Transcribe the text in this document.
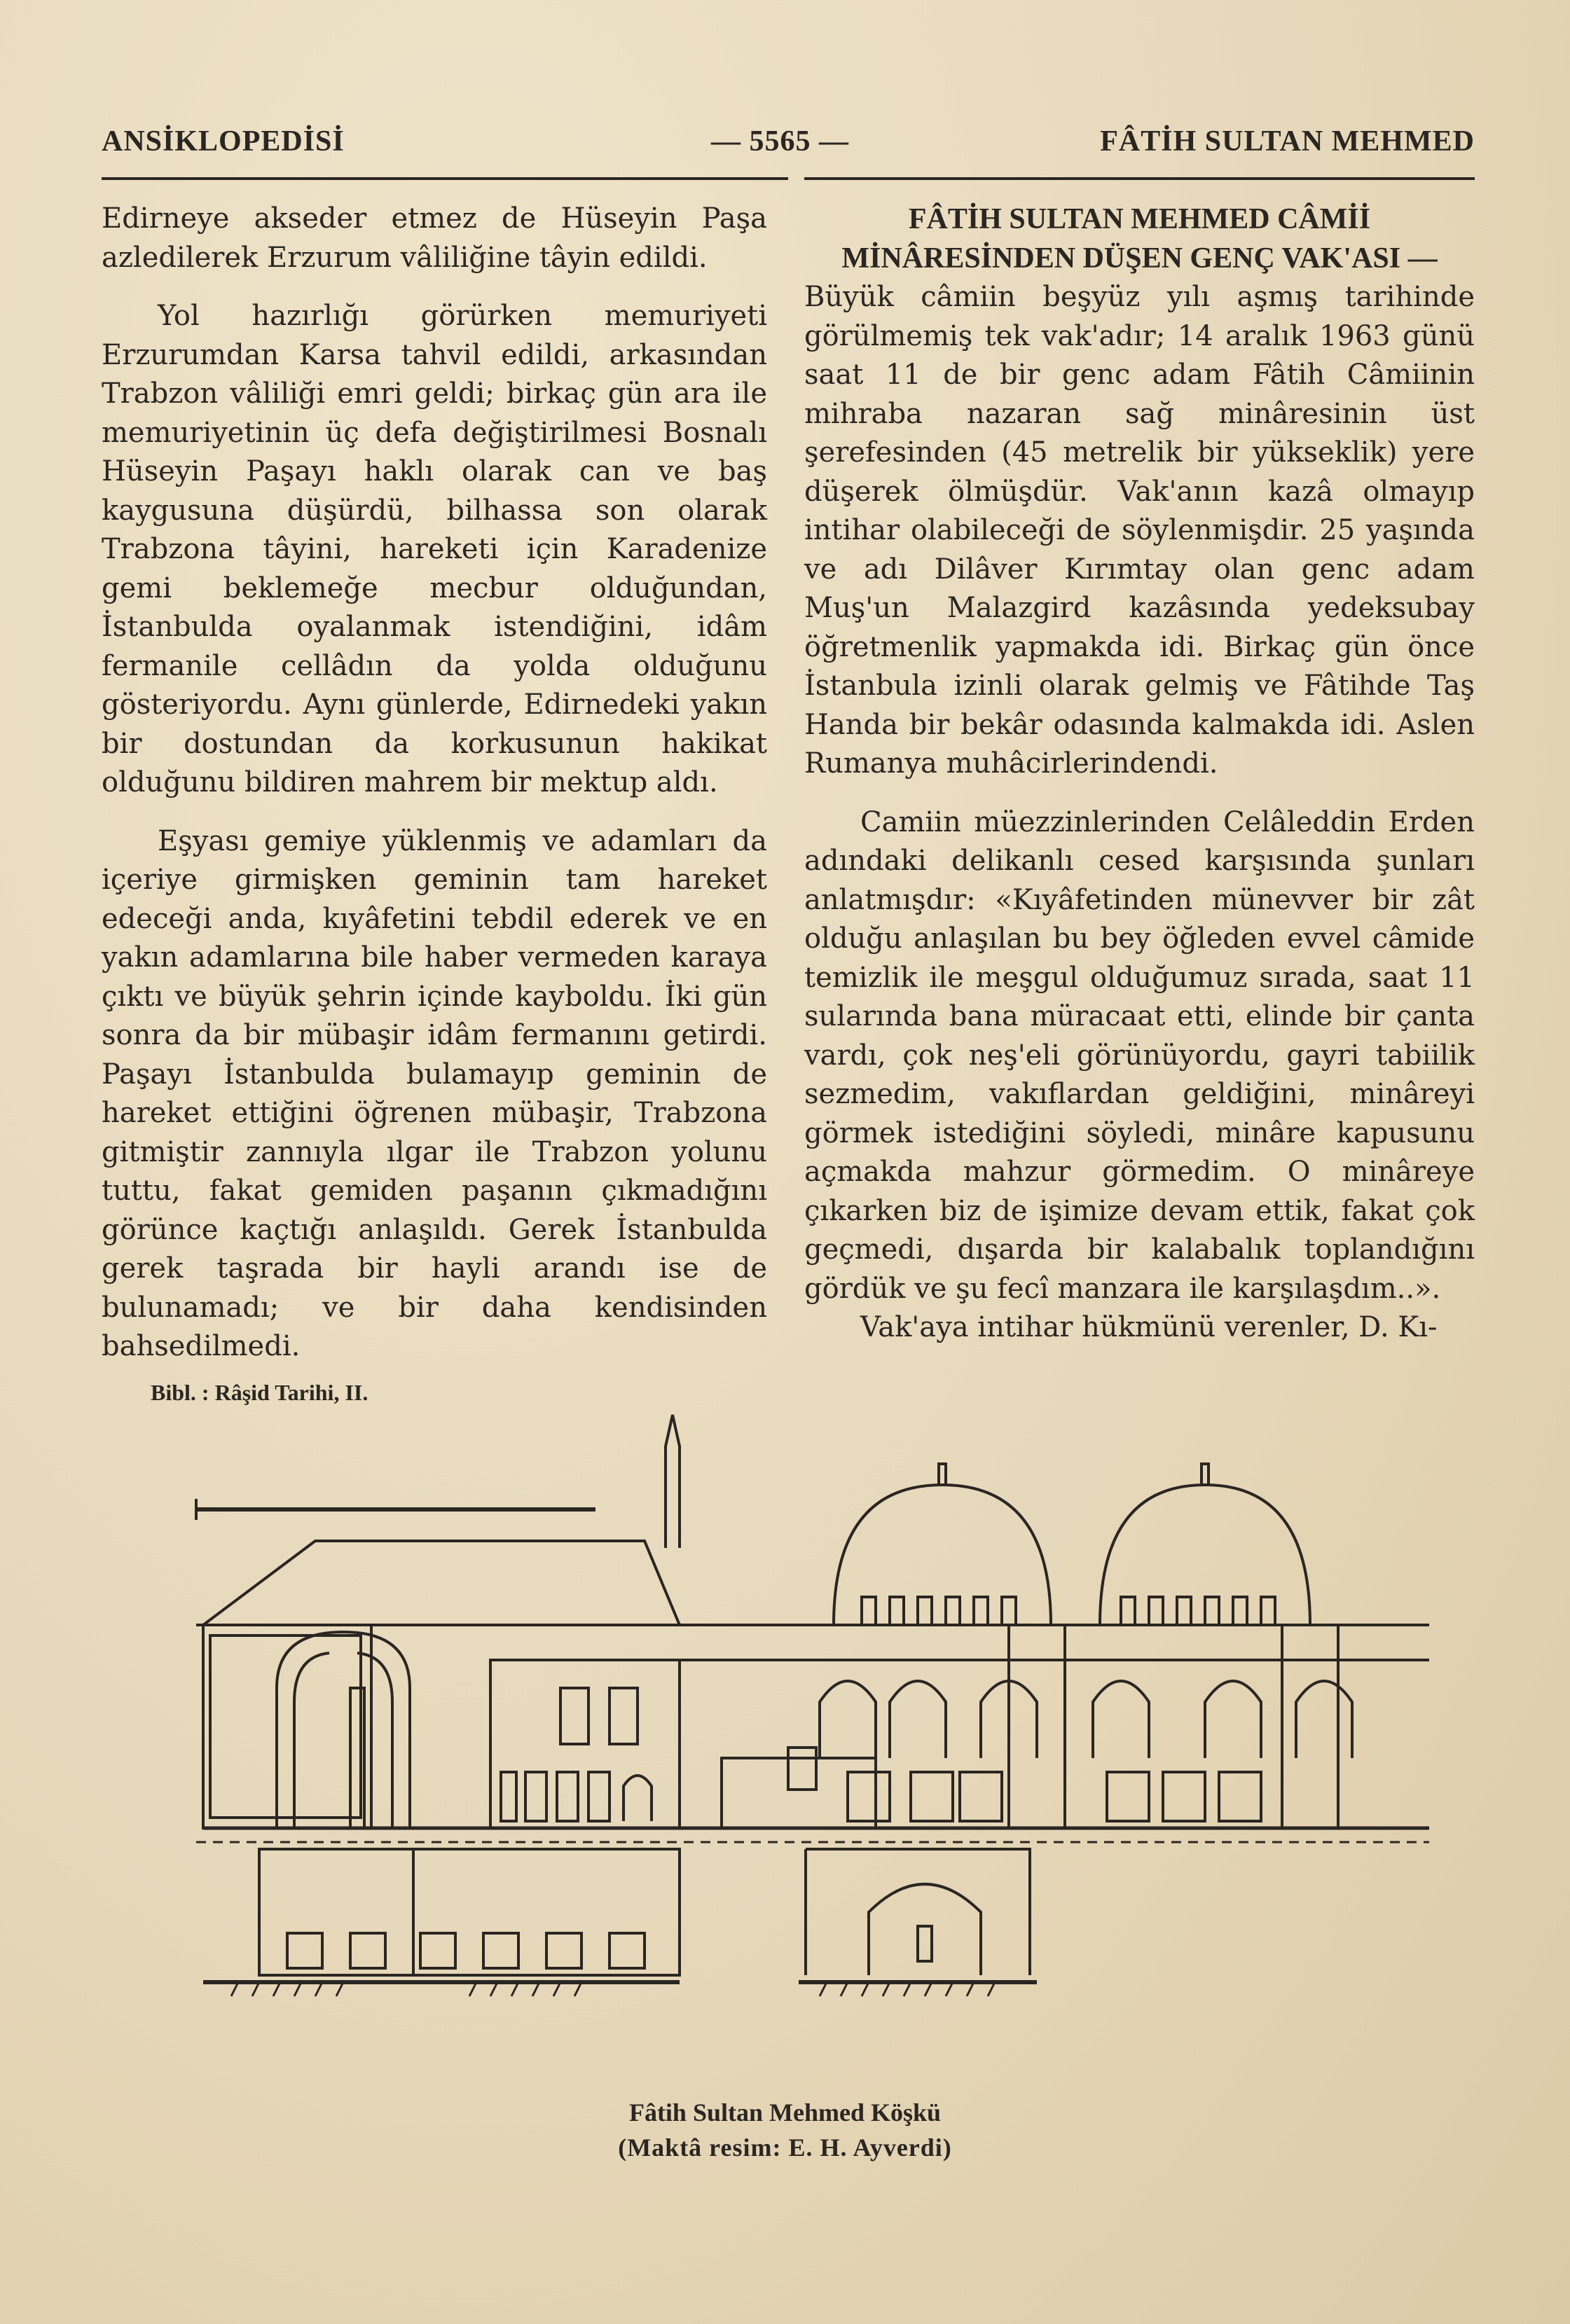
ANSİKLOPEDİSİ	— 5565 —	FÂTİH SULTAN MEHMED

Edirneye akseder etmez de Hüseyin Paşa azledilerek Erzurum vâliliğine tâyin edildi.

Yol hazırlığı görürken memuriyeti Erzurumdan Karsa tahvil edildi, arkasından Trabzon vâliliği emri geldi; birkaç gün ara ile memuriyetinin üç defa değiştirilmesi Bosnalı Hüseyin Paşayı haklı olarak can ve baş kaygusuna düşürdü, bilhassa son olarak Trabzona tâyini, hareketi için Karadenize gemi beklemeğe mecbur olduğundan, İstanbulda oyalanmak istendiğini, idâm fermanile cellâdın da yolda olduğunu gösteriyordu. Aynı günlerde, Edirnedeki yakın bir dostundan da korkusunun hakikat olduğunu bildiren mahrem bir mektup aldı.

Eşyası gemiye yüklenmiş ve adamları da içeriye girmişken geminin tam hareket edeceği anda, kıyâfetini tebdil ederek ve en yakın adamlarına bile haber vermeden karaya çıktı ve büyük şehrin içinde kayboldu. İki gün sonra da bir mübaşir idâm fermanını getirdi. Paşayı İstanbulda bulamayıp geminin de hareket ettiğini öğrenen mübaşir, Trabzona gitmiştir zannıyla ılgar ile Trabzon yolunu tuttu, fakat gemiden paşanın çıkmadığını görünce kaçtığı anlaşıldı. Gerek İstanbulda gerek taşrada bir hayli arandı ise de bulunamadı; ve bir daha kendisinden bahsedilmedi.

Bibl. : Râşid Tarihi, II.

FÂTİH SULTAN MEHMED CÂMİİ MİNÂRESİNDEN DÜŞEN GENÇ VAK'ASI —

Büyük câmiin beşyüz yılı aşmış tarihinde görülmemiş tek vak'adır; 14 aralık 1963 günü saat 11 de bir genc adam Fâtih Câmiinin mihraba nazaran sağ minâresinin üst şerefesinden (45 metrelik bir yükseklik) yere düşerek ölmüşdür. Vak'anın kazâ olmayıp intihar olabileceği de söylenmişdir. 25 yaşında ve adı Dilâver Kırımtay olan genc adam Muş'un Malazgird kazâsında yedeksubay öğretmenlik yapmakda idi. Birkaç gün önce İstanbula izinli olarak gelmiş ve Fâtihde Taş Handa bir bekâr odasında kalmakda idi. Aslen Rumanya muhâcirlerindendi.

Camiin müezzinlerinden Celâleddin Erden adındaki delikanlı cesed karşısında şunları anlatmışdır: «Kıyâfetinden münevver bir zât olduğu anlaşılan bu bey öğleden evvel câmide temizlik ile meşgul olduğumuz sırada, saat 11 sularında bana müracaat etti, elinde bir çanta vardı, çok neş'eli görünüyordu, gayri tabiilik sezmedim, vakıflardan geldiğini, minâreyi görmek istediğini söyledi, minâre kapusunu açmakda mahzur görmedim. O minâreye çıkarken biz de işimize devam ettik, fakat çok geçmedi, dışarda bir kalabalık toplandığını gördük ve şu fecî manzara ile karşılaşdım..».

Vak'aya intihar hükmünü verenler, D. Kı-

Fâtih Sultan Mehmed Köşkü
(Maktâ resim: E. H. Ayverdi)
